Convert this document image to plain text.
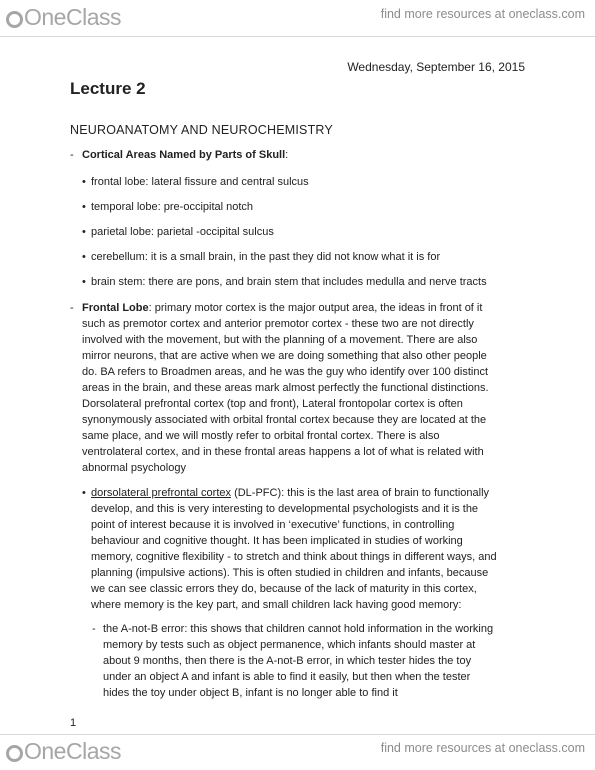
OneClass	find more resources at oneclass.com
Wednesday, September 16, 2015
Lecture 2
NEUROANATOMY AND NEUROCHEMISTRY
- Cortical Areas Named by Parts of Skull:
• frontal lobe: lateral fissure and central sulcus
• temporal lobe: pre-occipital notch
• parietal lobe: parietal -occipital sulcus
• cerebellum: it is a small brain, in the past they did not know what it is for
• brain stem: there are pons, and brain stem that includes medulla and nerve tracts
- Frontal Lobe: primary motor cortex is the major output area, the ideas in front of it
such as premotor cortex and anterior premotor cortex - these two are not directly
involved with the movement, but with the planning of a movement. There are also
mirror neurons, that are active when we are doing something that also other people
do. BA refers to Broadmen areas, and he was the guy who identify over 100 distinct
areas in the brain, and these areas mark almost perfectly the functional distinctions.
Dorsolateral prefrontal cortex (top and front), Lateral frontopolar cortex is often
synonymously associated with orbital frontal cortex because they are located at the
same place, and we will mostly refer to orbital frontal cortex. There is also
ventrolateral cortex, and in these frontal areas happens a lot of what is related with
abnormal psychology
• dorsolateral prefrontal cortex (DL-PFC): this is the last area of brain to functionally
develop, and this is very interesting to developmental psychologists and it is the
point of interest because it is involved in ‘executive’ functions, in controlling
behaviour and cognitive thought. It has been implicated in studies of working
memory, cognitive flexibility - to stretch and think about things in different ways, and
planning (impulsive actions). This is often studied in children and infants, because
we can see classic errors they do, because of the lack of maturity in this cortex,
where memory is the key part, and small children lack having good memory:
- the A-not-B error: this shows that children cannot hold information in the working
memory by tests such as object permanence, which infants should master at
about 9 months, then there is the A-not-B error, in which tester hides the toy
under an object A and infant is able to find it easily, but then when the tester
hides the toy under object B, infant is no longer able to find it
1
OneClass	find more resources at oneclass.com
